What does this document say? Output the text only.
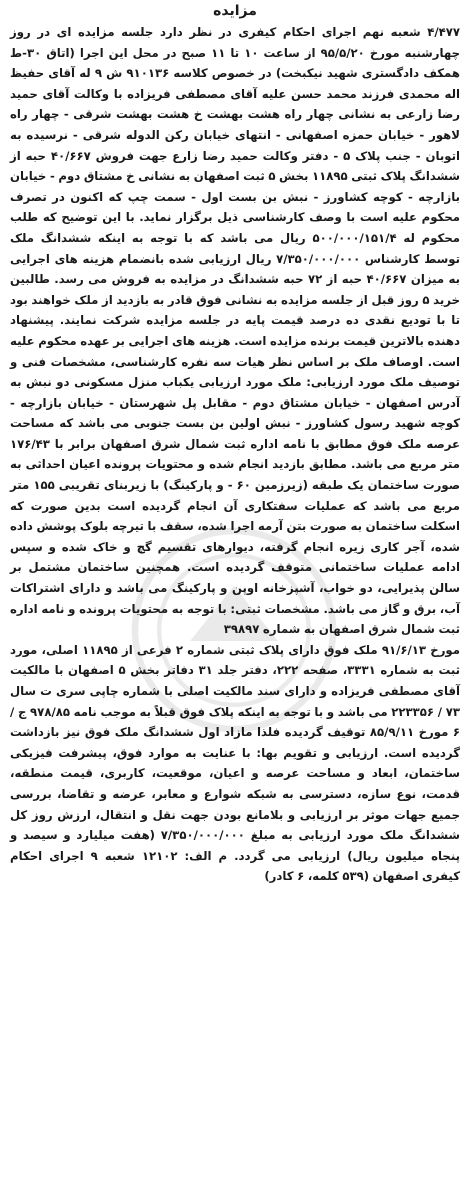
مزایده

۴/۴۷۷ شعبه نهم اجرای احکام کیفری در نظر دارد جلسه مزایده ای در روز چهارشنبه مورخ ۹۵/۵/۲۰ از ساعت ۱۰ تا ۱۱ صبح در محل این اجرا (اتاق ۳۰-ط همکف دادگستری شهید نیکبخت) در خصوص کلاسه ۹۱۰۱۳۶ ش ۹ له آقای حفیظ اله محمدی فرزند محمد حسن علیه آقای مصطفی فریزاده با وکالت آقای حمید رضا زارعی به نشانی چهار راه هشت بهشت خ هشت بهشت شرقی - چهار راه لاهور - خیابان حمزه اصفهانی - انتهای خیابان رکن الدوله شرقی - نرسیده به اتوبان - جنب پلاک ۵ - دفتر وکالت حمید رضا زارع جهت فروش ۴۰/۶۶۷ حبه از ششدانگ پلاک ثبتی ۱۱۸۹۵ بخش ۵ ثبت اصفهان به نشانی خ مشتاق دوم - خیابان بازارچه - کوچه کشاورز - نبش بن بست اول - سمت چپ که اکنون در تصرف محکوم علیه است با وصف کارشناسی ذیل برگزار نماید. با این توضیح که طلب محکوم له ۵۰۰/۰۰۰/۱۵۱/۴ ریال می باشد که با توجه به اینکه ششدانگ ملک توسط کارشناس ۷/۳۵۰/۰۰۰/۰۰۰ ریال ارزیابی شده بانضمام هزینه های اجرایی به میزان ۴۰/۶۶۷ حبه از ۷۲ حبه ششدانگ در مزایده به فروش می رسد. طالبین خرید ۵ روز قبل از جلسه مزایده به نشانی فوق قادر به بازدید از ملک خواهند بود تا با تودیع نقدی ده درصد قیمت پایه در جلسه مزایده شرکت نمایند. پیشنهاد دهنده بالاترین قیمت برنده مزایده است. هزینه های اجرایی بر عهده محکوم علیه است. اوصاف ملک بر اساس نظر هیات سه نفره کارشناسی، مشخصات فنی و توصیف ملک مورد ارزیابی: ملک مورد ارزیابی یکباب منزل مسکونی دو نبش به آدرس اصفهان - خیابان مشتاق دوم - مقابل پل شهرستان - خیابان بازارچه - کوچه شهید رسول کشاورز - نبش اولین بن بست جنوبی می باشد که مساحت عرصه ملک فوق مطابق با نامه اداره ثبت شمال شرق اصفهان برابر با ۱۷۶/۴۳ متر مربع می باشد. مطابق بازدید انجام شده و محتویات پرونده اعیان احداثی به صورت ساختمان یک طبقه (زیرزمین ۶۰ - و پارکینگ) با زیربنای تقریبی ۱۵۵ متر مربع می باشد که عملیات سفتکاری آن انجام گردیده است بدین صورت که اسکلت ساختمان به صورت بتن آرمه اجرا شده، سقف با تیرچه بلوک پوشش داده شده، آجر کاری زیره انجام گرفته، دیوارهای تقسیم گچ و خاک شده و سپس ادامه عملیات ساختمانی متوقف گردیده است. همچنین ساختمان مشتمل بر سالن پذیرایی، دو خواب، آشپزخانه اوپن و پارکینگ می باشد و دارای اشتراکات آب، برق و گاز می باشد. مشخصات ثبتی: با توجه به محتویات پرونده و نامه اداره ثبت شمال شرق اصفهان به شماره ۳۹۸۹۷
مورخ ۹۱/۶/۱۳ ملک فوق دارای پلاک ثبتی شماره ۲ فرعی از ۱۱۸۹۵ اصلی، مورد ثبت به شماره ۳۳۳۱، صفحه ۲۲۲، دفتر جلد ۳۱ دفاتر بخش ۵ اصفهان با مالکیت آقای مصطفی فریزاده و دارای سند مالکیت اصلی با شماره چاپی سری ت سال ۷۳ / ۲۲۳۳۵۶ می باشد و با توجه به اینکه پلاک فوق قبلاً به موجب نامه ۹۷۸/۸۵ ج / ۶ مورخ ۸۵/۹/۱۱ توقیف گردیده فلذا مازاد اول ششدانگ ملک فوق نیز بازداشت گردیده است. ارزیابی و تقویم بها: با عنایت به موارد فوق، پیشرفت فیزیکی ساختمان، ابعاد و مساحت عرصه و اعیان، موقعیت، کاربری، قیمت منطقه، قدمت، نوع سازه، دسترسی به شبکه شوارع و معابر، عرضه و تقاضا، بررسی جمیع جهات موثر بر ارزیابی و بلامانع بودن جهت نقل و انتقال، ارزش روز کل ششدانگ ملک مورد ارزیابی به مبلغ ۷/۳۵۰/۰۰۰/۰۰۰ (هفت میلیارد و سیصد و پنجاه میلیون ریال) ارزیابی می گردد. م الف: ۱۲۱۰۲ شعبه ۹ اجرای احکام کیفری اصفهان (۵۳۹ کلمه، ۶ کادر)
